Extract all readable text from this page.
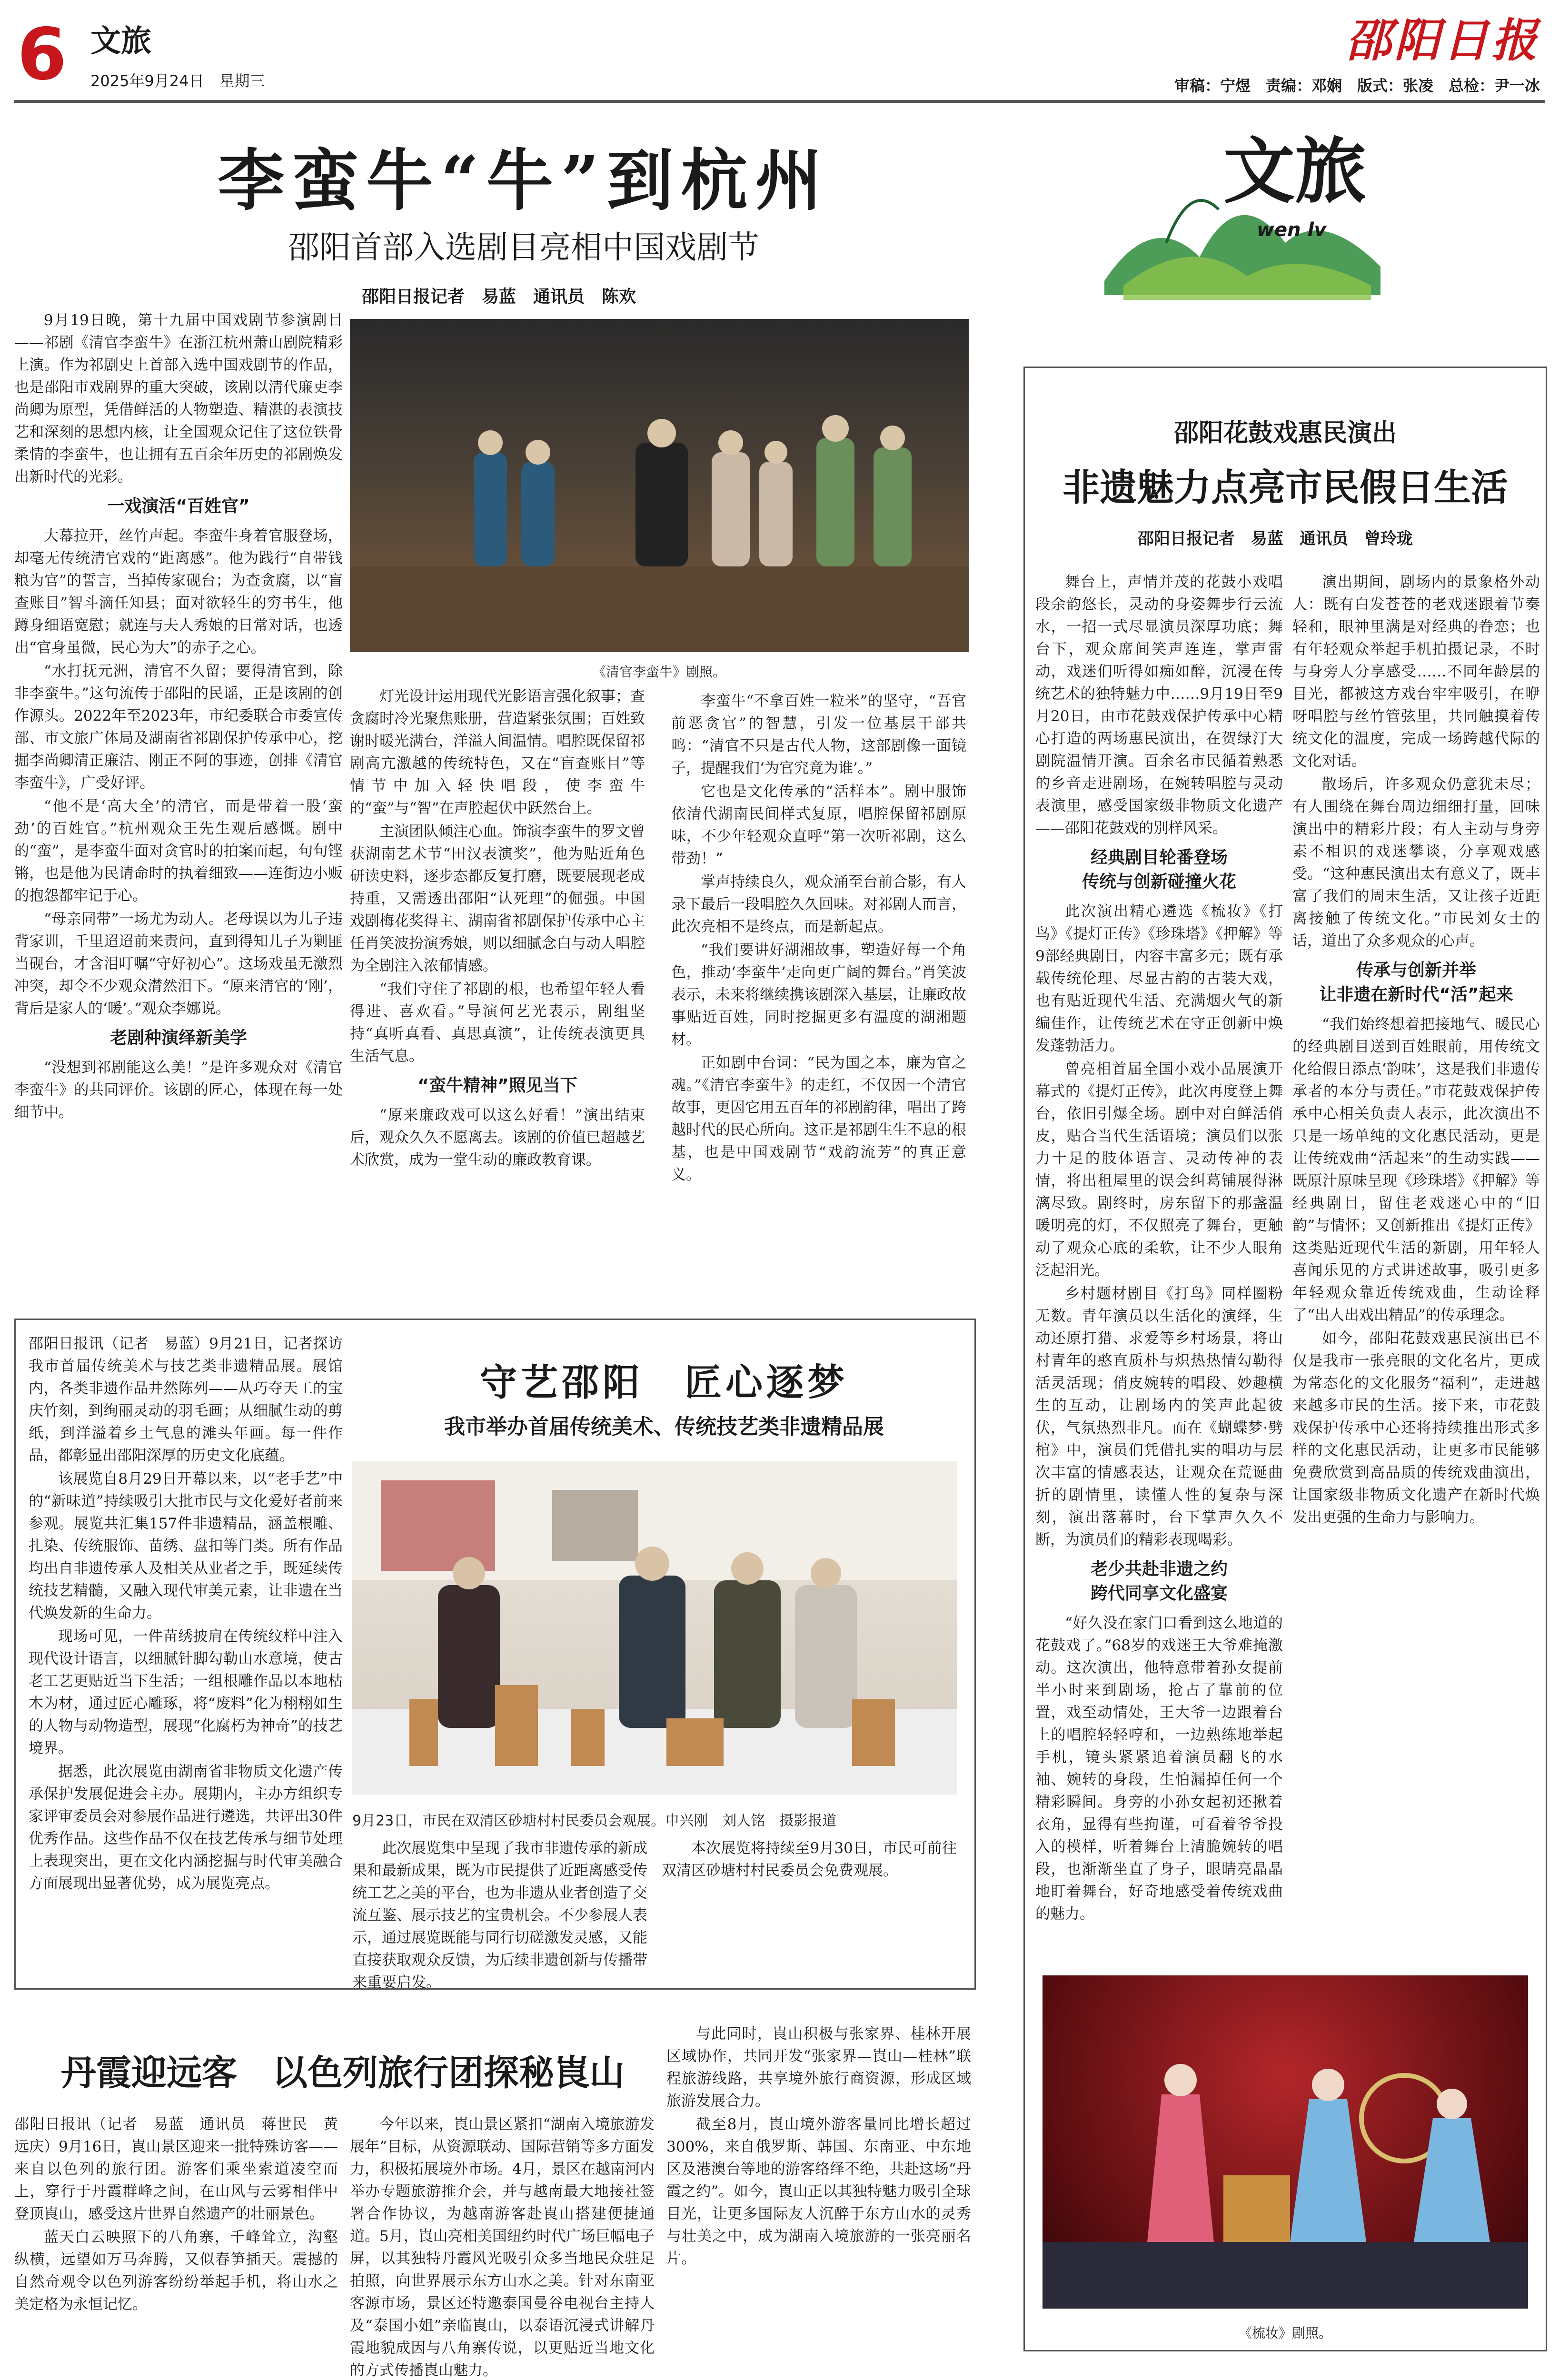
6 文旅
2025年9月24日　星期三
邵阳日报
审稿：宁煜　责编：邓娴　版式：张凌　总检：尹一冰
文旅
wen lv
李蛮牛“牛”到杭州
邵阳首部入选剧目亮相中国戏剧节
邵阳日报记者　易蓝　通讯员　陈欢

9月19日晚，第十九届中国戏剧节参演剧目——祁剧《清官李蛮牛》在浙江杭州萧山剧院精彩上演。作为祁剧史上首部入选中国戏剧节的作品，也是邵阳市戏剧界的重大突破，该剧以清代廉吏李尚卿为原型，凭借鲜活的人物塑造、精湛的表演技艺和深刻的思想内核，让全国观众记住了这位铁骨柔情的李蛮牛，也让拥有五百余年历史的祁剧焕发出新时代的光彩。

一戏演活“百姓官”

大幕拉开，丝竹声起。李蛮牛身着官服登场，却毫无传统清官戏的“距离感”。他为践行“自带钱粮为官”的誓言，当掉传家砚台；为查贪腐，以“盲查账目”智斗滴任知县；面对欲轻生的穷书生，他蹲身细语宽慰；就连与夫人秀娘的日常对话，也透出“官身虽微，民心为大”的赤子之心。

“水打抚元洲，清官不久留；要得清官到，除非李蛮牛。”这句流传于邵阳的民谣，正是该剧的创作源头。2022年至2023年，市纪委联合市委宣传部、市文旅广体局及湖南省祁剧保护传承中心，挖掘李尚卿清正廉洁、刚正不阿的事迹，创排《清官李蛮牛》，广受好评。

“他不是‘高大全’的清官，而是带着一股‘蛮劲’的百姓官。”杭州观众王先生观后感慨。剧中的“蛮”，是李蛮牛面对贪官时的拍案而起，句句铿锵，也是他为民请命时的执着细致——连街边小贩的抱怨都牢记于心。

“母亲同带”一场尤为动人。老母误以为儿子违背家训，千里迢迢前来责问，直到得知儿子为剿匪当砚台，才含泪叮嘱“守好初心”。这场戏虽无激烈冲突，却令不少观众潸然泪下。“原来清官的‘刚’，背后是家人的‘暖’。”观众李娜说。

老剧种演绎新美学

“没想到祁剧能这么美！”是许多观众对《清官李蛮牛》的共同评价。该剧的匠心，体现在每一处细节中。

《清官李蛮牛》剧照。

灯光设计运用现代光影语言强化叙事；查贪腐时冷光聚焦账册，营造紧张氛围；百姓致谢时暖光满台，洋溢人间温情。唱腔既保留祁剧高亢激越的传统特色，又在“盲查账目”等情节中加入轻快唱段，使李蛮牛的“蛮”与“智”在声腔起伏中跃然台上。

主演团队倾注心血。饰演李蛮牛的罗文曾获湖南艺术节“田汉表演奖”，他为贴近角色研读史料，逐步态都反复打磨，既要展现老成持重，又需透出邵阳“认死理”的倔强。中国戏剧梅花奖得主、湖南省祁剧保护传承中心主任肖笑波扮演秀娘，则以细腻念白与动人唱腔为全剧注入浓郁情感。

“我们守住了祁剧的根，也希望年轻人看得进、喜欢看。”导演何艺光表示，剧组坚持“真听真看、真思真演”，让传统表演更具生活气息。

“蛮牛精神”照见当下

“原来廉政戏可以这么好看！”演出结束后，观众久久不愿离去。该剧的价值已超越艺术欣赏，成为一堂生动的廉政教育课。

李蛮牛“不拿百姓一粒米”的坚守，“吾官前恶贪官”的智慧，引发一位基层干部共鸣：“清官不只是古代人物，这部剧像一面镜子，提醒我们‘为官究竟为谁’。”

它也是文化传承的“活样本”。剧中服饰依清代湖南民间样式复原，唱腔保留祁剧原味，不少年轻观众直呼“第一次听祁剧，这么带劲！”

掌声持续良久，观众涌至台前合影，有人录下最后一段唱腔久久回味。对祁剧人而言，此次亮相不是终点，而是新起点。

“我们要讲好湖湘故事，塑造好每一个角色，推动‘李蛮牛’走向更广阔的舞台。”肖笑波表示，未来将继续携该剧深入基层，让廉政故事贴近百姓，同时挖掘更多有温度的湖湘题材。

正如剧中台词：“民为国之本，廉为官之魂。”《清官李蛮牛》的走红，不仅因一个清官故事，更因它用五百年的祁剧韵律，唱出了跨越时代的民心所向。这正是祁剧生生不息的根基，也是中国戏剧节“戏韵流芳”的真正意义。

守艺邵阳　匠心逐梦
我市举办首届传统美术、传统技艺类非遗精品展

邵阳日报讯（记者　易蓝）9月21日，记者探访我市首届传统美术与技艺类非遗精品展。展馆内，各类非遗作品井然陈列——从巧夺天工的宝庆竹刻，到绚丽灵动的羽毛画；从细腻生动的剪纸，到洋溢着乡土气息的滩头年画。每一件作品，都彰显出邵阳深厚的历史文化底蕴。

该展览自8月29日开幕以来，以“老手艺”中的“新味道”持续吸引大批市民与文化爱好者前来参观。展览共汇集157件非遗精品，涵盖根雕、扎染、传统服饰、苗绣、盘扣等门类。所有作品均出自非遗传承人及相关从业者之手，既延续传统技艺精髓，又融入现代审美元素，让非遗在当代焕发新的生命力。

现场可见，一件苗绣披肩在传统纹样中注入现代设计语言，以细腻针脚勾勒山水意境，使古老工艺更贴近当下生活；一组根雕作品以本地枯木为材，通过匠心雕琢，将“废料”化为栩栩如生的人物与动物造型，展现“化腐朽为神奇”的技艺境界。

据悉，此次展览由湖南省非物质文化遗产传承保护发展促进会主办。展期内，主办方组织专家评审委员会对参展作品进行遴选，共评出30件优秀作品。这些作品不仅在技艺传承与细节处理上表现突出，更在文化内涵挖掘与时代审美融合方面展现出显著优势，成为展览亮点。

9月23日，市民在双清区砂塘村村民委员会观展。申兴刚　刘人铭　摄影报道

此次展览集中呈现了我市非遗传承的新成果和最新成果，既为市民提供了近距离感受传统工艺之美的平台，也为非遗从业者创造了交流互鉴、展示技艺的宝贵机会。不少参展人表示，通过展览既能与同行切磋激发灵感，又能直接获取观众反馈，为后续非遗创新与传播带来重要启发。

本次展览将持续至9月30日，市民可前往双清区砂塘村村民委员会免费观展。

丹霞迎远客　以色列旅行团探秘崀山

邵阳日报讯（记者　易蓝　通讯员　蒋世民　黄远庆）9月16日，崀山景区迎来一批特殊访客——来自以色列的旅行团。游客们乘坐索道凌空而上，穿行于丹霞群峰之间，在山风与云雾相伴中登顶崀山，感受这片世界自然遗产的壮丽景色。

蓝天白云映照下的八角寨，千峰耸立，沟壑纵横，远望如万马奔腾，又似春笋插天。震撼的自然奇观令以色列游客纷纷举起手机，将山水之美定格为永恒记忆。

今年以来，崀山景区紧扣“湖南入境旅游发展年”目标，从资源联动、国际营销等多方面发力，积极拓展境外市场。4月，景区在越南河内举办专题旅游推介会，并与越南最大地接社签署合作协议，为越南游客赴崀山搭建便捷通道。5月，崀山亮相美国纽约时代广场巨幅电子屏，以其独特丹霞风光吸引众多当地民众驻足拍照，向世界展示东方山水之美。针对东南亚客源市场，景区还特邀泰国曼谷电视台主持人及“泰国小姐”亲临崀山，以泰语沉浸式讲解丹霞地貌成因与八角寨传说，以更贴近当地文化的方式传播崀山魅力。

与此同时，崀山积极与张家界、桂林开展区域协作，共同开发“张家界—崀山—桂林”联程旅游线路，共享境外旅行商资源，形成区域旅游发展合力。

截至8月，崀山境外游客量同比增长超过300%，来自俄罗斯、韩国、东南亚、中东地区及港澳台等地的游客络绎不绝，共赴这场“丹霞之约”。如今，崀山正以其独特魅力吸引全球目光，让更多国际友人沉醉于东方山水的灵秀与壮美之中，成为湖南入境旅游的一张亮丽名片。

邵阳花鼓戏惠民演出
非遗魅力点亮市民假日生活
邵阳日报记者　易蓝　通讯员　曾玲珑

舞台上，声情并茂的花鼓小戏唱段余韵悠长，灵动的身姿舞步行云流水，一招一式尽显演员深厚功底；舞台下，观众席间笑声连连，掌声雷动，戏迷们听得如痴如醉，沉浸在传统艺术的独特魅力中……9月19日至9月20日，由市花鼓戏保护传承中心精心打造的两场惠民演出，在贺绿汀大剧院温情开演。百余名市民循着熟悉的乡音走进剧场，在婉转唱腔与灵动表演里，感受国家级非物质文化遗产——邵阳花鼓戏的别样风采。

经典剧目轮番登场
传统与创新碰撞火花

此次演出精心遴选《梳妆》《打鸟》《提灯正传》《珍珠塔》《押解》等9部经典剧目，内容丰富多元；既有承载传统伦理、尽显古韵的古装大戏，也有贴近现代生活、充满烟火气的新编佳作，让传统艺术在守正创新中焕发蓬勃活力。

曾亮相首届全国小戏小品展演开幕式的《提灯正传》，此次再度登上舞台，依旧引爆全场。剧中对白鲜活俏皮，贴合当代生活语境；演员们以张力十足的肢体语言、灵动传神的表情，将出租屋里的误会纠葛铺展得淋漓尽致。剧终时，房东留下的那盏温暖明亮的灯，不仅照亮了舞台，更触动了观众心底的柔软，让不少人眼角泛起泪光。

乡村题材剧目《打鸟》同样圈粉无数。青年演员以生活化的演绎，生动还原打猎、求爱等乡村场景，将山村青年的憨直质朴与炽热热情勾勒得活灵活现；俏皮婉转的唱段、妙趣横生的互动，让剧场内的笑声此起彼伏，气氛热烈非凡。而在《蝴蝶梦·劈棺》中，演员们凭借扎实的唱功与层次丰富的情感表达，让观众在荒诞曲折的剧情里，读懂人性的复杂与深刻，演出落幕时，台下掌声久久不断，为演员们的精彩表现喝彩。

老少共赴非遗之约
跨代同享文化盛宴

“好久没在家门口看到这么地道的花鼓戏了。”68岁的戏迷王大爷难掩激动。这次演出，他特意带着孙女提前半小时来到剧场，抢占了靠前的位置，戏至动情处，王大爷一边跟着台上的唱腔轻轻哼和，一边熟练地举起手机，镜头紧紧追着演员翻飞的水袖、婉转的身段，生怕漏掉任何一个精彩瞬间。身旁的小孙女起初还揪着衣角，显得有些拘谨，可看着爷爷投入的模样，听着舞台上清脆婉转的唱段，也渐渐坐直了身子，眼睛亮晶晶地盯着舞台，好奇地感受着传统戏曲的魅力。

演出期间，剧场内的景象格外动人：既有白发苍苍的老戏迷跟着节奏轻和，眼神里满是对经典的眷恋；也有年轻观众举起手机拍摄记录，不时与身旁人分享感受……不同年龄层的目光，都被这方戏台牢牢吸引，在咿呀唱腔与丝竹管弦里，共同触摸着传统文化的温度，完成一场跨越代际的文化对话。

散场后，许多观众仍意犹未尽；有人围绕在舞台周边细细打量，回味演出中的精彩片段；有人主动与身旁素不相识的戏迷攀谈，分享观戏感受。“这种惠民演出太有意义了，既丰富了我们的周末生活，又让孩子近距离接触了传统文化。”市民刘女士的话，道出了众多观众的心声。

传承与创新并举
让非遗在新时代“活”起来

“我们始终想着把接地气、暖民心的经典剧目送到百姓眼前，用传统文化给假日添点‘韵味’，这是我们非遗传承者的本分与责任。”市花鼓戏保护传承中心相关负责人表示，此次演出不只是一场单纯的文化惠民活动，更是让传统戏曲“活起来”的生动实践——既原汁原味呈现《珍珠塔》《押解》等经典剧目，留住老戏迷心中的“旧韵”与情怀；又创新推出《提灯正传》这类贴近现代生活的新剧，用年轻人喜闻乐见的方式讲述故事，吸引更多年轻观众靠近传统戏曲，生动诠释了“出人出戏出精品”的传承理念。

如今，邵阳花鼓戏惠民演出已不仅是我市一张亮眼的文化名片，更成为常态化的文化服务“福利”，走进越来越多市民的生活。接下来，市花鼓戏保护传承中心还将持续推出形式多样的文化惠民活动，让更多市民能够免费欣赏到高品质的传统戏曲演出，让国家级非物质文化遗产在新时代焕发出更强的生命力与影响力。

《梳妆》剧照。
